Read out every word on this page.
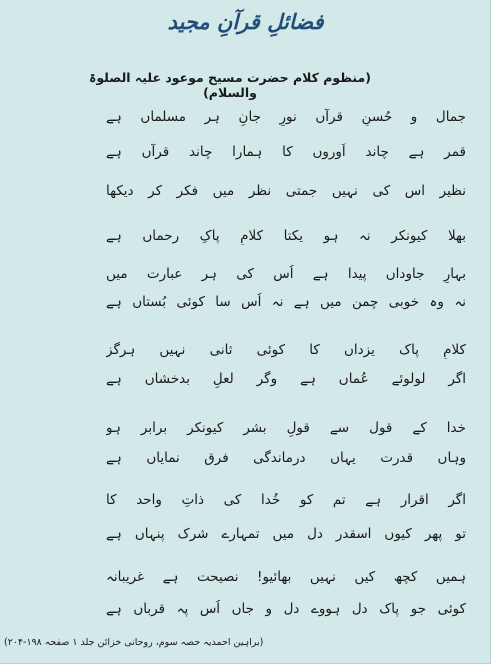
فضائلِ قرآنِ مجید
(منظوم کلام حضرت مسیح موعود علیہ الصلوۃ والسلام)
جمال و حُسنِ قرآں نورِ جانِ ہر مسلماں ہے
قمر ہے چاند اَوروں کا ہمارا چاند قرآں ہے
نظیر اس کی نہیں جمتی نظر میں فکر کر دیکھا
بھلا کیونکر نہ ہو یکتا کلامِ پاکِ رحماں ہے
بہارِ جاوداں پیدا ہے اُس کی ہر عبارت میں
نہ وہ خوبی چمن میں ہے نہ اُس سا کوئی بُستاں ہے
کلامِ پاک یزداں کا کوئی ثانی نہیں ہرگز
اگر لولوئے عُماں ہے وگر لعلِ بدخشاں ہے
خدا کے قول سے قولِ بشر کیونکر برابر ہو
وہاں قدرت یہاں درماندگی فرق نمایاں ہے
اگر اقرار ہے تم کو خُدا کی ذاتِ واحد کا
تو پھر کیوں اسقدر دل میں تمہارے شرک پنہاں ہے
ہمیں کچھ کیں نہیں بھائیو! نصیحت ہے غریبانہ
کوئی جو پاک دل ہووے دل و جاں اُس پہ قرباں ہے
(براہین احمدیہ حصہ سوم، روحانی خزائن جلد ۱ صفحہ ۱۹۸-۲۰۴)
